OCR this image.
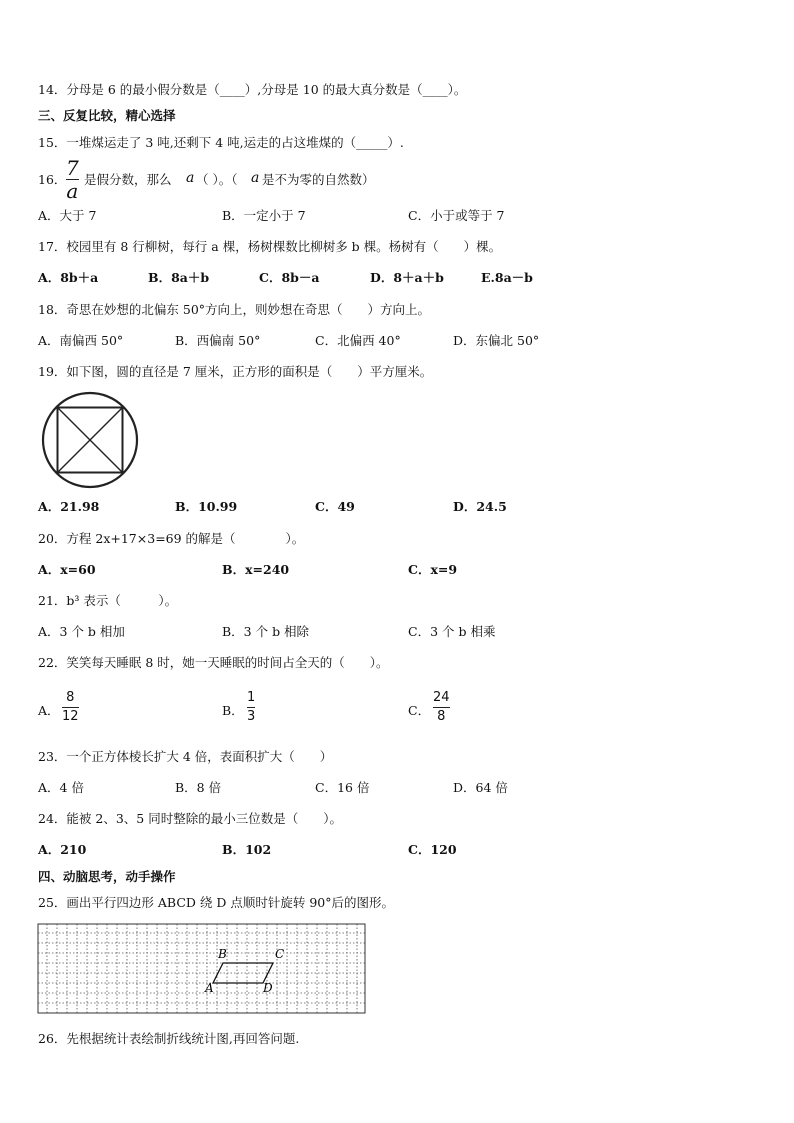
14．分母是 6 的最小假分数是（____）,分母是 10 的最大真分数是（____）。
三、反复比较，精心选择
15．一堆煤运走了 3 吨,还剩下 4 吨,运走的占这堆煤的（_____）.
16． 7
a 是假分数，那么 a （ ）。（ a 是不为零的自然数）
A．大于 7	B．一定小于 7	C．小于或等于 7
17．校园里有 8 行柳树，每行 a 棵，杨树棵数比柳树多 b 棵。杨树有（　　）棵。
A．8b＋a	B．8a＋b	C．8b－a	D．8＋a＋b	E.8a－b
18．奇思在妙想的北偏东 50°方向上，则妙想在奇思（　　）方向上。
A．南偏西 50°	B．西偏南 50°	C．北偏西 40°	D．东偏北 50°
19．如下图，圆的直径是 7 厘米，正方形的面积是（　　）平方厘米。
A．21.98	B．10.99	C．49	D．24.5
20．方程 2x+17×3=69 的解是（　　　　）。
A．x=60	B．x=240	C．x=9
21．b³ 表示（　　　）。
A．3 个 b 相加	B．3 个 b 相除	C．3 个 b 相乘
22．笑笑每天睡眠 8 时，她一天睡眠的时间占全天的（　　）。
A．
8
12	B．
1
3	C．
24
8
23．一个正方体棱长扩大 4 倍，表面积扩大（　　）
A．4 倍	B．8 倍	C．16 倍	D．64 倍
24．能被 2、3、5 同时整除的最小三位数是（　　）。
A．210	B．102	C．120
四、动脑思考，动手操作
25．画出平行四边形 ABCD 绕 D 点顺时针旋转 90°后的图形。
B	C
A	D
26．先根据统计表绘制折线统计图,再回答问题.
